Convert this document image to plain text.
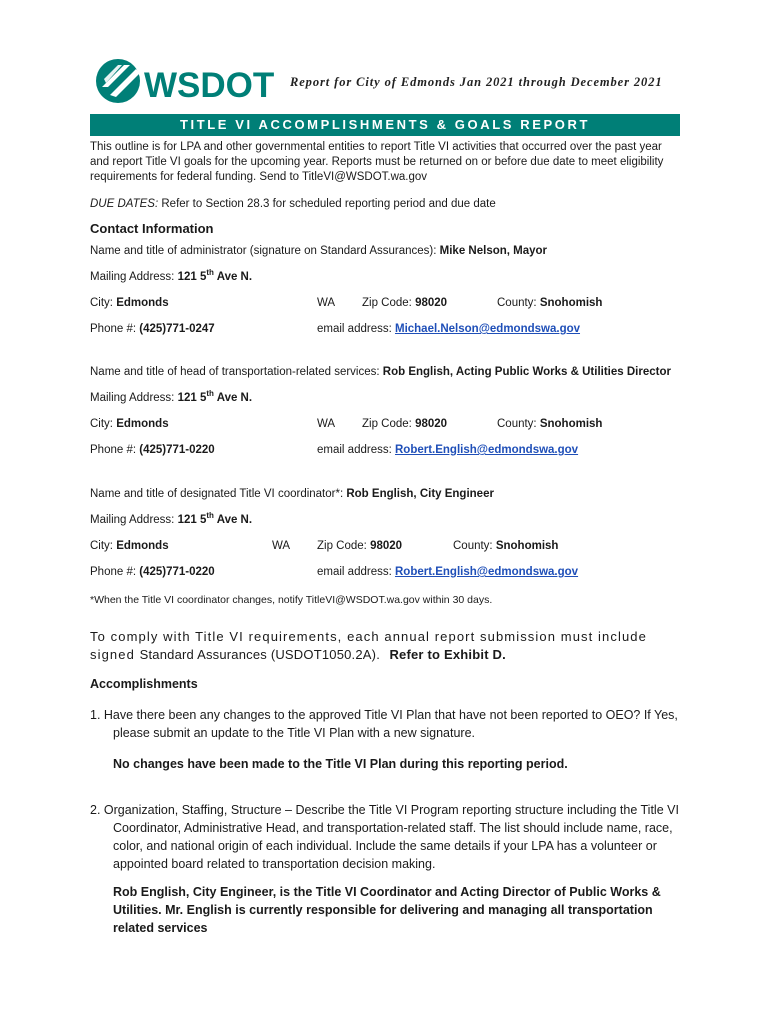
WSDOT Report for City of Edmonds Jan 2021 through December 2021
TITLE VI ACCOMPLISHMENTS & GOALS REPORT
This outline is for LPA and other governmental entities to report Title VI activities that occurred over the past year and report Title VI goals for the upcoming year. Reports must be returned on or before due date to meet eligibility requirements for federal funding. Send to TitleVI@WSDOT.wa.gov
DUE DATES: Refer to Section 28.3 for scheduled reporting period and due date
Contact Information
Name and title of administrator (signature on Standard Assurances): Mike Nelson, Mayor
Mailing Address: 121 5th Ave N.
City: Edmonds	WA Zip Code: 98020	County: Snohomish
Phone #: (425)771-0247	email address: Michael.Nelson@edmondswa.gov
Name and title of head of transportation-related services: Rob English, Acting Public Works & Utilities Director
Mailing Address: 121 5th Ave N.
City: Edmonds	WA Zip Code: 98020	County: Snohomish
Phone #: (425)771-0220	email address: Robert.English@edmondswa.gov
Name and title of designated Title VI coordinator*: Rob English, City Engineer
Mailing Address: 121 5th Ave N.
City: Edmonds	WA Zip Code: 98020	County: Snohomish
Phone #: (425)771-0220	email address: Robert.English@edmondswa.gov
*When the Title VI coordinator changes, notify TitleVI@WSDOT.wa.gov within 30 days.
To comply with Title VI requirements, each annual report submission must include signed Standard Assurances (USDOT1050.2A). Refer to Exhibit D.
Accomplishments
1. Have there been any changes to the approved Title VI Plan that have not been reported to OEO? If Yes, please submit an update to the Title VI Plan with a new signature.
No changes have been made to the Title VI Plan during this reporting period.
2. Organization, Staffing, Structure – Describe the Title VI Program reporting structure including the Title VI Coordinator, Administrative Head, and transportation-related staff. The list should include name, race, color, and national origin of each individual. Include the same details if your LPA has a volunteer or appointed board related to transportation decision making.
Rob English, City Engineer, is the Title VI Coordinator and Acting Director of Public Works & Utilities. Mr. English is currently responsible for delivering and managing all transportation related services
